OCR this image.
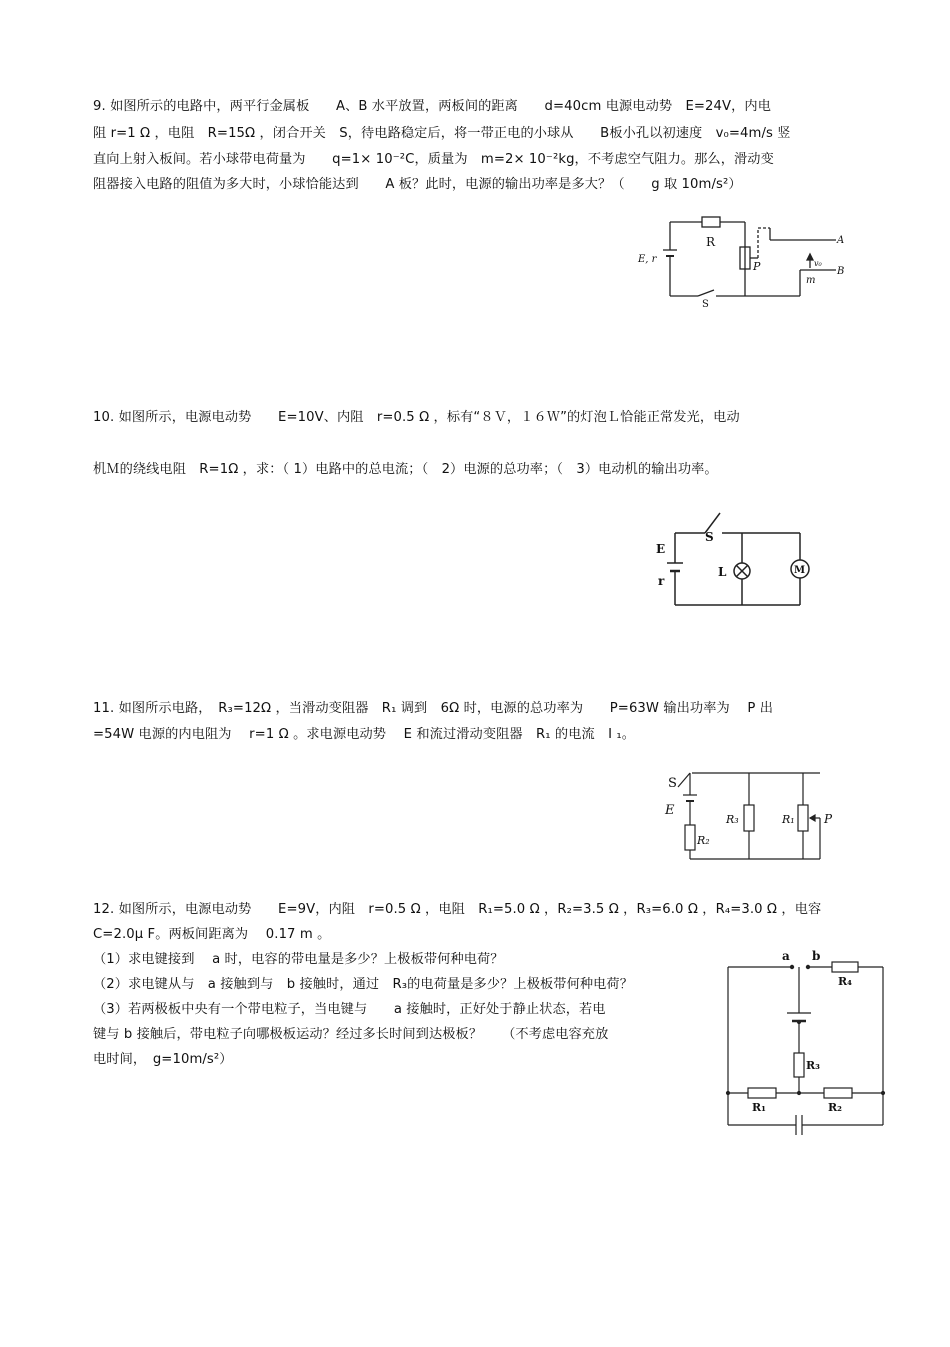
9. 如图所示的电路中，两平行金属板　　A、B 水平放置，两板间的距离　　d=40cm 电源电动势　E=24V，内电
阻 r=1 Ω ，电阻　R=15Ω ，闭合开关　S，待电路稳定后，将一带正电的小球从　　B板小孔以初速度　v₀=4m/s 竖
直向上射入板间。若小球带电荷量为　　q=1× 10⁻²C，质量为　m=2× 10⁻²kg，不考虑空气阻力。那么，滑动变
阻器接入电路的阻值为多大时，小球恰能达到　　A 板？此时，电源的输出功率是多大？（　　g 取 10m/s²）
E, r
R
P
A
B
v₀
m
S
10. 如图所示，电源电动势　　E=10V、内阻　r=0.5 Ω ，标有“８Ｖ，１６Ｗ”的灯泡Ｌ恰能正常发光，电动
机Ｍ的绕线电阻　R=1Ω ，求：（ 1）电路中的总电流；（　2）电源的总功率；（　3）电动机的输出功率。
E
r
S
L	M
11. 如图所示电路，　R₃=12Ω ，当滑动变阻器　R₁ 调到　6Ω 时，电源的总功率为　　P=63W 输出功率为　 P 出
=54W 电源的内电阻为　 r=1 Ω 。求电源电动势　 E 和流过滑动变阻器　R₁ 的电流　I ₁。
S
E
R₂
R₃	R₁ P
12. 如图所示，电源电动势　　E=9V，内阻　r=0.5 Ω ，电阻　R₁=5.0 Ω ，R₂=3.5 Ω ，R₃=6.0 Ω ，R₄=3.0 Ω ，电容
C=2.0μ F。两板间距离为　 0.17 m 。
（1）求电键接到　 a 时，电容的带电量是多少？上极板带何种电荷？
（2）求电键从与　a 接触到与　b 接触时，通过　R₃的电荷量是多少？上极板带何种电荷？
（3）若两极板中央有一个带电粒子，当电键与　　a 接触时，正好处于静止状态，若电
键与 b 接触后，带电粒子向哪极板运动？经过多长时间到达极板？　　（不考虑电容充放
电时间，　g=10m/s²）
a b
R₄
R₃
R₁	R₂
